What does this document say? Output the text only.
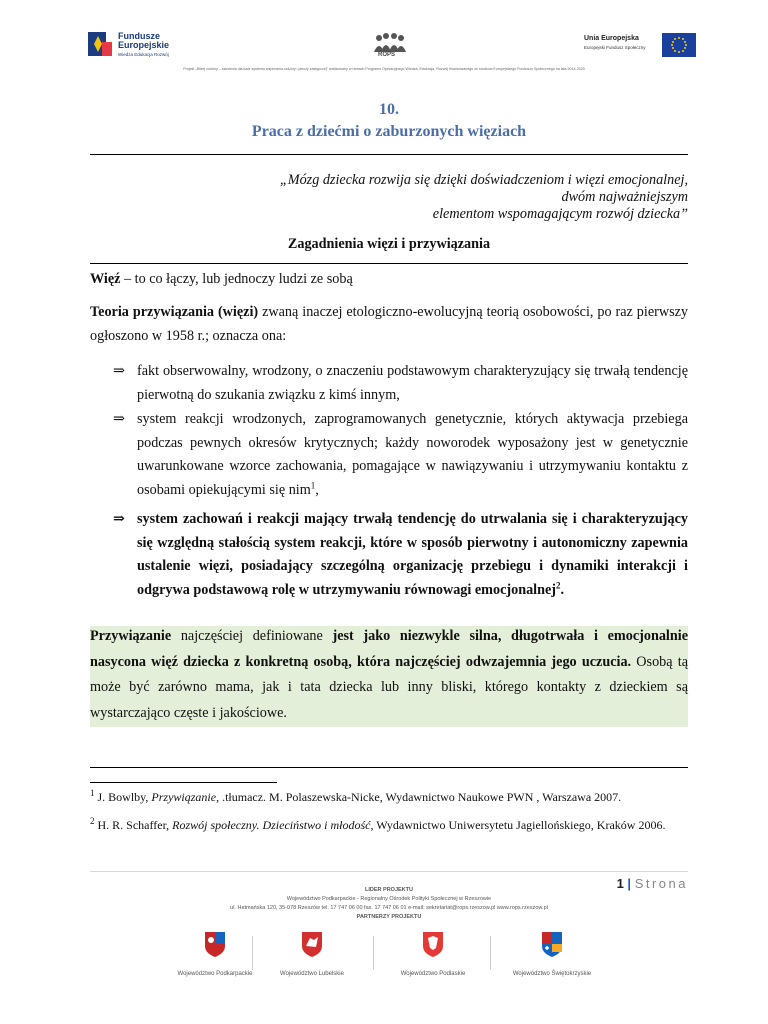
Fundusze Europejskie
Wiedza Edukacja Rozwój	ROPS
Unia Europejska
Europejski Fundusz Społeczny
Projekt „Bliżej rodziny – szkolenia dla kadr systemu wspierania rodziny i pieczy zastępczej” realizowany w ramach Programu Operacyjnego Wiedza, Edukacja, Rozwój finansowanego ze środków Europejskiego Funduszu Społecznego na lata 2014-2020
10.
Praca z dziećmi o zaburzonych więziach
„Mózg dziecka rozwija się dzięki doświadczeniom i więzi emocjonalnej,
dwóm najważniejszym
elementom wspomagającym rozwój dziecka”
Zagadnienia więzi i przywiązania
Więź – to co łączy, lub jednoczy ludzi ze sobą
Teoria przywiązania (więzi) zwaną inaczej etologiczno-ewolucyjną teorią osobowości, po raz pierwszy ogłoszono w 1958 r.; oznacza ona:
⇒ fakt obserwowalny, wrodzony, o znaczeniu podstawowym charakteryzujący się trwałą tendencję pierwotną do szukania związku z kimś innym,
⇒ system reakcji wrodzonych, zaprogramowanych genetycznie, których aktywacja przebiega podczas pewnych okresów krytycznych; każdy noworodek wyposażony jest w genetycznie uwarunkowane wzorce zachowania, pomagające w nawiązywaniu i utrzymywaniu kontaktu z osobami opiekującymi się nim$^1$,
⇒ system zachowań i reakcji mający trwałą tendencję do utrwalania się i charakteryzujący się względną stałością system reakcji, które w sposób pierwotny i autonomiczny zapewnia ustalenie więzi, posiadający szczególną organizację przebiegu i dynamiki interakcji i odgrywa podstawową rolę w utrzymywaniu równowagi emocjonalnej$^2$.
Przywiązanie najczęściej definiowane jest jako niezwykle silna, długotrwała i emocjonalnie nasycona więź dziecka z konkretną osobą, która najczęściej odwzajemnia jego uczucia. Osobą tą może być zarówno mama, jak i tata dziecka lub inny bliski, którego kontakty z dzieckiem są wystarczająco częste i jakościowe.
$^1$ J. Bowlby, Przywiązanie, .tłumacz. M. Polaszewska-Nicke, Wydawnictwo Naukowe PWN , Warszawa 2007.
$^2$ H. R. Schaffer, Rozwój społeczny. Dzieciństwo i młodość, Wydawnictwo Uniwersytetu Jagiellońskiego, Kraków 2006.
1 | Strona
LIDER PROJEKTU
Województwo Podkarpackie - Regionalny Ośrodek Polityki Społecznej w Rzeszowie
ul. Hetmańska 120, 35-078 Rzeszów tel. 17 747 06 00 fax. 17 747 06 01 e-mail: sekretariat@rops.rzeszow.pl www.rops.rzeszow.pl
PARTNERZY PROJEKTU
Województwo Podkarpackie	Województwo Lubelskie	Województwo Podlaskie	Województwo Świętokrzyskie
